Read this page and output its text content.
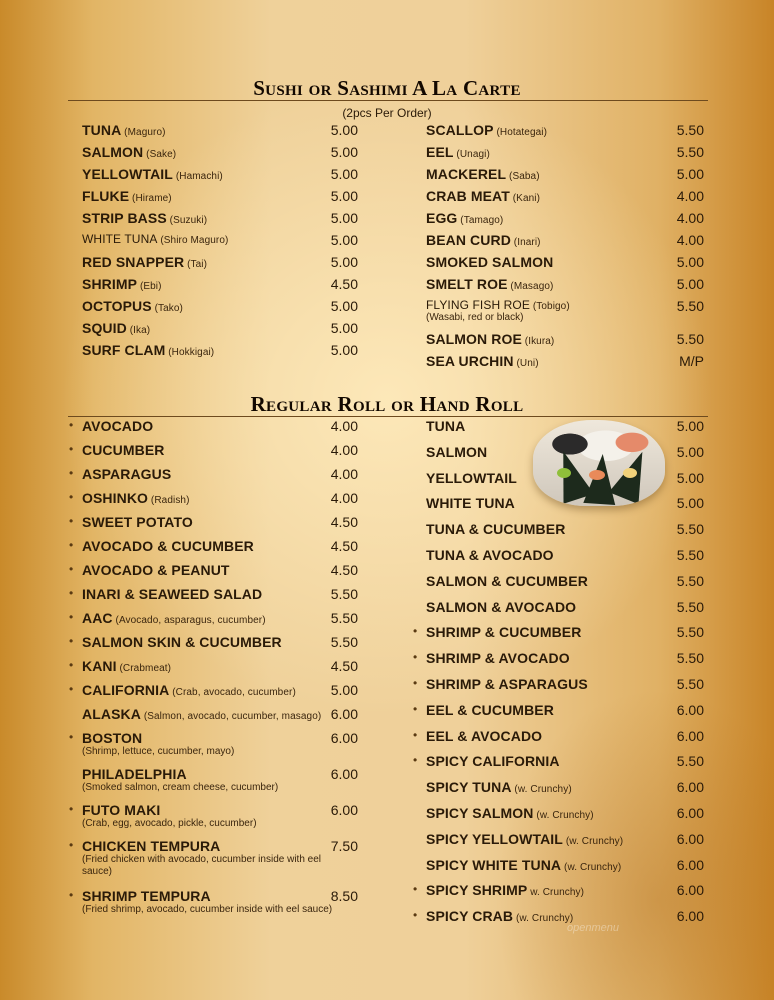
Sushi or Sashimi A La Carte
(2pcs Per Order)
TUNA (Maguro)	5.00
SALMON (Sake)	5.00
YELLOWTAIL (Hamachi)	5.00
FLUKE (Hirame)	5.00
STRIP BASS (Suzuki)	5.00
WHITE TUNA (Shiro Maguro)	5.00
RED SNAPPER (Tai)	5.00
SHRIMP (Ebi)	4.50
OCTOPUS (Tako)	5.00
SQUID (Ika)	5.00
SURF CLAM (Hokkigai)	5.00
SCALLOP (Hotategai)	5.50
EEL (Unagi)	5.50
MACKEREL (Saba)	5.00
CRAB MEAT (Kani)	4.00
EGG (Tamago)	4.00
BEAN CURD (Inari)	4.00
SMOKED SALMON	5.00
SMELT ROE (Masago)	5.00
FLYING FISH ROE (Tobigo)
(Wasabi, red or black)
5.50
SALMON ROE (Ikura)	5.50
SEA URCHIN (Uni)	M/P
Regular Roll or Hand Roll
• AVOCADO	4.00
• CUCUMBER	4.00
• ASPARAGUS	4.00
• OSHINKO (Radish)	4.00
• SWEET POTATO	4.50
• AVOCADO & CUCUMBER	4.50
• AVOCADO & PEANUT	4.50
• INARI & SEAWEED SALAD	5.50
• AAC (Avocado, asparagus, cucumber)	5.50
• SALMON SKIN & CUCUMBER	5.50
• KANI (Crabmeat)	4.50
• CALIFORNIA (Crab, avocado, cucumber)	5.00
ALASKA (Salmon, avocado, cucumber, masago) 6.00
• BOSTON
(Shrimp, lettuce, cucumber, mayo)
6.00
PHILADELPHIA
(Smoked salmon, cream cheese, cucumber)
6.00
• FUTO MAKI
(Crab, egg, avocado, pickle, cucumber)
6.00
• CHICKEN TEMPURA
(Fried chicken with avocado, cucumber inside with eel sauce)
7.50
• SHRIMP TEMPURA
(Fried shrimp, avocado, cucumber inside with eel sauce)
8.50
TUNA	5.00
SALMON	5.00
YELLOWTAIL	5.00
WHITE TUNA	5.00
TUNA & CUCUMBER	5.50
TUNA & AVOCADO	5.50
SALMON & CUCUMBER	5.50
SALMON & AVOCADO	5.50
• SHRIMP & CUCUMBER	5.50
• SHRIMP & AVOCADO	5.50
• SHRIMP & ASPARAGUS	5.50
• EEL & CUCUMBER	6.00
• EEL & AVOCADO	6.00
• SPICY CALIFORNIA	5.50
SPICY TUNA (w. Crunchy)	6.00
SPICY SALMON (w. Crunchy)	6.00
SPICY YELLOWTAIL (w. Crunchy)	6.00
SPICY WHITE TUNA (w. Crunchy)	6.00
• SPICY SHRIMP w. Crunchy)	6.00
• SPICY CRAB (w. Crunchy)	6.00
openmenu
